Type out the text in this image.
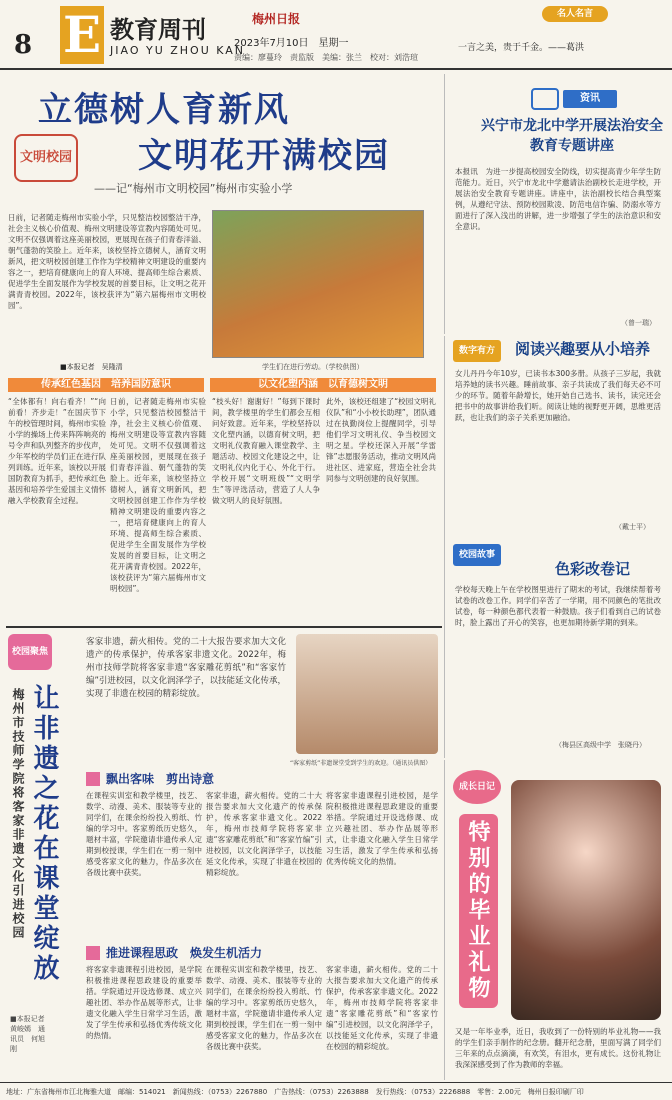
8 E 教育周刊
JIAO YU ZHOU KAN
梅州日报
2023年7月10日　星期一
责编：廖蔓玲　责监版　美编：张兰　校对：刘浩瑄
名人名言
一言之美，贵于千金。——葛洪
立德树人育新风
文明花开满校园
文明校园
——记“梅州市文明校园”梅州市实验小学
日前，记者随走梅州市实验小学，只见整洁校园整洁干净，社会主义核心价值观、梅州文明建设等宣教内容随处可见。文明不仅强调着这座美丽校园，更展现在孩子们青春洋溢、朝气蓬勃的笑脸上。近年来，该校坚持立德树人，涵育文明新风，把文明校园创建工作作为学校精神文明建设的重要内容之一，把培育健康向上的育人环境、提高师生综合素质、促进学生全面发展作为学校发展的首要目标，让文明之花开满青青校园。2022年，该校获评为“第六届梅州市文明校园”。
学生们在进行劳动。（学校供图）
■本报记者　吴隆清
传承红色基因　培养国防意识	以文化塑内涵　以育德树文明
“全体都有！向右看齐！”“向前看！齐步走！”在国庆节下午的校管理时间，梅州市实验小学的操场上传来阵阵响亮的号令声和队列整齐的步伐声，少年军校的学员们正在进行队列训练。近年来，该校以开展国防教育为抓手，把传承红色基因和培养学生爱国主义情怀融入学校教育全过程。
日前，记者随走梅州市实验小学，只见整洁校园整洁干净，社会主义核心价值观、梅州文明建设等宣教内容随处可见。文明不仅强调着这座美丽校园，更展现在孩子们青春洋溢、朝气蓬勃的笑脸上。近年来，该校坚持立德树人，涵育文明新风，把文明校园创建工作作为学校精神文明建设的重要内容之一，把培育健康向上的育人环境、提高师生综合素质、促进学生全面发展作为学校发展的首要目标，让文明之花开满青青校园。2022年，该校获评为“第六届梅州市文明校园”。
“枝头好！谢谢好！”每到下课时间，教学楼里的学生们都会互相问好致意。近年来，学校坚持以文化塑内涵，以德育树文明，把文明礼仪教育融入课堂教学、主题活动、校园文化建设之中，让文明礼仪内化于心、外化于行。学校开展“文明班级”“文明学生”等评选活动，营造了人人争做文明人的良好氛围。
此外，该校还组建了“校园文明礼仪队”和“小小校长助理”，团队通过在执勤岗位上提醒同学，引导他们学习文明礼仪、争当校园文明之星。学校还深入开展“学雷锋”志愿服务活动，推动文明风尚进社区、进家庭，营造全社会共同参与文明创建的良好氛围。
资讯
兴宁市龙北中学开展法治安全教育专题讲座
本报讯　为进一步提高校园安全防线，切实提高青少年学生防范能力。近日，兴宁市龙北中学邀请法治副校长走进学校，开展法治安全教育专题讲座。讲座中，法治副校长结合典型案例，从遵纪守法、预防校园欺凌、防范电信诈骗、防溺水等方面进行了深入浅出的讲解，进一步增强了学生的法治意识和安全意识。
（曾一瑞）
数字有方	阅读兴趣要从小培养
女儿丹丹今年10岁，已读书本300多册。从孩子三岁起，我就培养她的读书兴趣。睡前故事、亲子共读成了我们每天必不可少的环节。随着年龄增长，她开始自己选书、读书，读完还会把书中的故事讲给我们听。阅读让她的视野更开阔，思维更活跃，也让我们的亲子关系更加融洽。
（戴士平）
校园故事
色彩改卷记
学校每天晚上午在学校图里进行了期末的考试，我继续帮着考试卷的改卷工作。同学们辛苦了一学期，用不同颜色的笔批改试卷，每一种颜色都代表着一种鼓励。孩子们看到自己的试卷时，脸上露出了开心的笑容，也更加期待新学期的到来。
（梅县区高级中学　张晓丹）
成长日记
特别的毕业礼物
又是一年毕业季，近日，我收到了一份特别的毕业礼物——我的学生们亲手制作的纪念册。翻开纪念册，里面写满了同学们三年来的点点滴滴，有欢笑，有泪水，更有成长。这份礼物让我深深感受到了作为教师的幸福。
校园聚焦
让非遗之花在课堂绽放
梅州市技师学院将客家非遗文化引进校园
■本报记者　黄峻嫣　通讯员　何旭刚
客家非遗，薪火相传。党的二十大报告要求加大文化遗产的传承保护，传承客家非遗文化。2022年，梅州市技师学院将客家非遗“客家雕花剪纸”和“客家竹编”引进校园，以文化润泽学子，以技能延文化传承，实现了非遗在校园的精彩绽放。
“客家剪纸”非遗课堂受到学生的欢迎。（通讯员供图）
飘出客味　剪出诗意
在课程实训室和教学楼里，技艺、数学、动漫、美术、服装等专业的同学们，在课余纷纷投入剪纸、竹编的学习中。客家剪纸历史悠久，题材丰富，学院邀请非遗传承人定期到校授课，学生们在一剪一刻中感受客家文化的魅力，作品多次在各级比赛中获奖。
客家非遗，薪火相传。党的二十大报告要求加大文化遗产的传承保护，传承客家非遗文化。2022年，梅州市技师学院将客家非遗“客家雕花剪纸”和“客家竹编”引进校园，以文化润泽学子，以技能延文化传承，实现了非遗在校园的精彩绽放。
将客家非遗课程引进校园，是学院积极推进课程思政建设的重要举措。学院通过开设选修课、成立兴趣社团、举办作品展等形式，让非遗文化融入学生日常学习生活，激发了学生传承和弘扬优秀传统文化的热情。
推进课程思政　焕发生机活力
将客家非遗课程引进校园，是学院积极推进课程思政建设的重要举措。学院通过开设选修课、成立兴趣社团、举办作品展等形式，让非遗文化融入学生日常学习生活，激发了学生传承和弘扬优秀传统文化的热情。
在课程实训室和教学楼里，技艺、数学、动漫、美术、服装等专业的同学们，在课余纷纷投入剪纸、竹编的学习中。客家剪纸历史悠久，题材丰富，学院邀请非遗传承人定期到校授课，学生们在一剪一刻中感受客家文化的魅力，作品多次在各级比赛中获奖。
客家非遗，薪火相传。党的二十大报告要求加大文化遗产的传承保护，传承客家非遗文化。2022年，梅州市技师学院将客家非遗“客家雕花剪纸”和“客家竹编”引进校园，以文化润泽学子，以技能延文化传承，实现了非遗在校园的精彩绽放。
地址：广东省梅州市江北梅雅大道　邮编：514021　新闻热线：（0753）2267880　广告热线：（0753）2263888　发行热线：（0753）2226888　零售：2.00元　梅州日报印刷厂印
